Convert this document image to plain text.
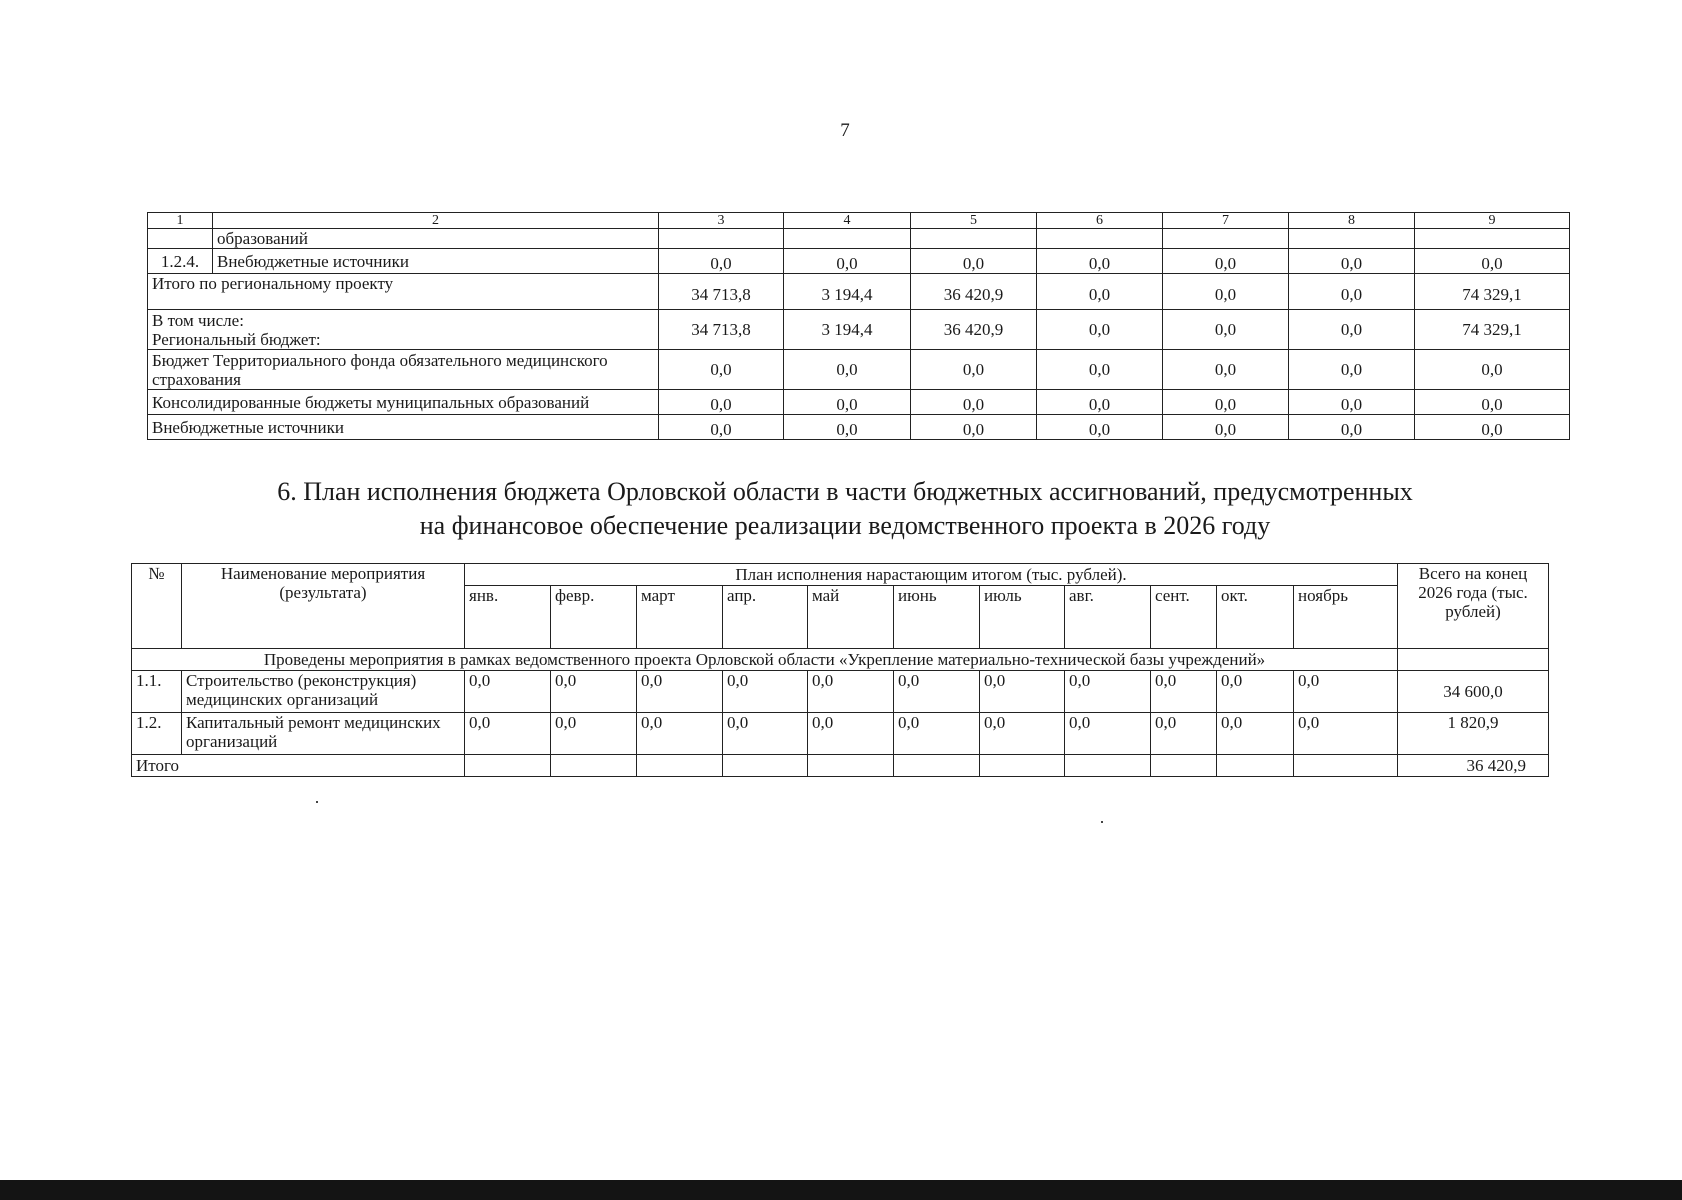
7
1	2	3	4	5	6	7	8	9
	образований							
1.2.4.	Внебюджетные источники	0,0	0,0	0,0	0,0	0,0	0,0	0,0
Итого по региональному проекту		34 713,8	3 194,4	36 420,9	0,0	0,0	0,0	74 329,1

В том числе:
Региональный бюджет:		34 713,8	3 194,4	36 420,9	0,0	0,0	0,0	74 329,1
Бюджет Территориального фонда обязательного медицинского страхования		0,0	0,0	0,0	0,0	0,0	0,0	0,0
Консолидированные бюджеты муниципальных образований		0,0	0,0	0,0	0,0	0,0	0,0	0,0
Внебюджетные источники		0,0	0,0	0,0	0,0	0,0	0,0	0,0
6. План исполнения бюджета Орловской области в части бюджетных ассигнований, предусмотренных
на финансовое обеспечение реализации ведомственного проекта в 2026 году
№	Наименование мероприятия (результата)	План исполнения нарастающим итогом (тыс. рублей).											Всего на конец 2026 года (тыс. рублей)
		янв.	февр.	март	апр.	май	июнь	июль	авг.	сент.	окт.	ноябрь	
Проведены мероприятия в рамках ведомственного проекта Орловской области «Укрепление материально-технической базы учреждений»													
1.1.	Строительство (реконструкция) медицинских организаций	0,0	0,0	0,0	0,0	0,0	0,0	0,0	0,0	0,0	0,0	0,0	34 600,0
1.2.	Капитальный ремонт медицинских организаций	0,0	0,0	0,0	0,0	0,0	0,0	0,0	0,0	0,0	0,0	0,0	1 820,9
Итого													36 420,9
